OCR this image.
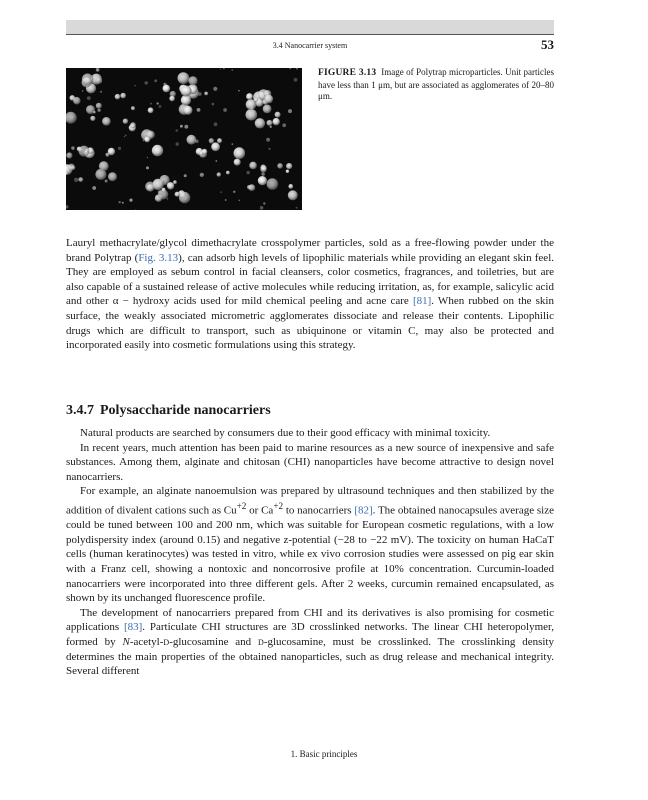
3.4 Nanocarrier system	53
FIGURE 3.13 Image of Polytrap microparticles. Unit particles have less than 1 μm, but are associated as agglomerates of 20–80 μm.

Lauryl methacrylate/glycol dimethacrylate crosspolymer particles, sold as a free-flowing powder under the brand Polytrap (Fig. 3.13), can adsorb high levels of lipophilic materials while providing an elegant skin feel. They are employed as sebum control in facial cleansers, color cosmetics, fragrances, and toiletries, but are also capable of a sustained release of active molecules while reducing irritation, as, for example, salicylic acid and other α − hydroxy acids used for mild chemical peeling and acne care [81]. When rubbed on the skin surface, the weakly associated micrometric agglomerates dissociate and release their contents. Lipophilic drugs which are difficult to transport, such as ubiquinone or vitamin C, may also be protected and incorporated easily into cosmetic formulations using this strategy.

3.4.7 Polysaccharide nanocarriers

Natural products are searched by consumers due to their good efficacy with minimal toxicity.

In recent years, much attention has been paid to marine resources as a new source of inexpensive and safe substances. Among them, alginate and chitosan (CHI) nanoparticles have become attractive to design novel nanocarriers.

For example, an alginate nanoemulsion was prepared by ultrasound techniques and then stabilized by the addition of divalent cations such as $Cu^{+2}$ or $Ca^{+2}$ to nanocarriers [82]. The obtained nanocapsules average size could be tuned between 100 and 200 nm, which was suitable for European cosmetic regulations, with a low polydispersity index (around 0.15) and negative z-potential (−28 to −22 mV). The toxicity on human HaCaT cells (human keratinocytes) was tested in vitro, while ex vivo corrosion studies were assessed on pig ear skin with a Franz cell, showing a nontoxic and noncorrosive profile at 10% concentration. Curcumin-loaded nanocarriers were incorporated into three different gels. After 2 weeks, curcumin remained encapsulated, as shown by its unchanged fluorescence profile.

The development of nanocarriers prepared from CHI and its derivatives is also promising for cosmetic applications [83]. Particulate CHI structures are 3D crosslinked networks. The linear CHI heteropolymer, formed by N-acetyl-d-glucosamine and d-glucosamine, must be crosslinked. The crosslinking density determines the main properties of the obtained nanoparticles, such as drug release and mechanical integrity. Several different

1. Basic principles
